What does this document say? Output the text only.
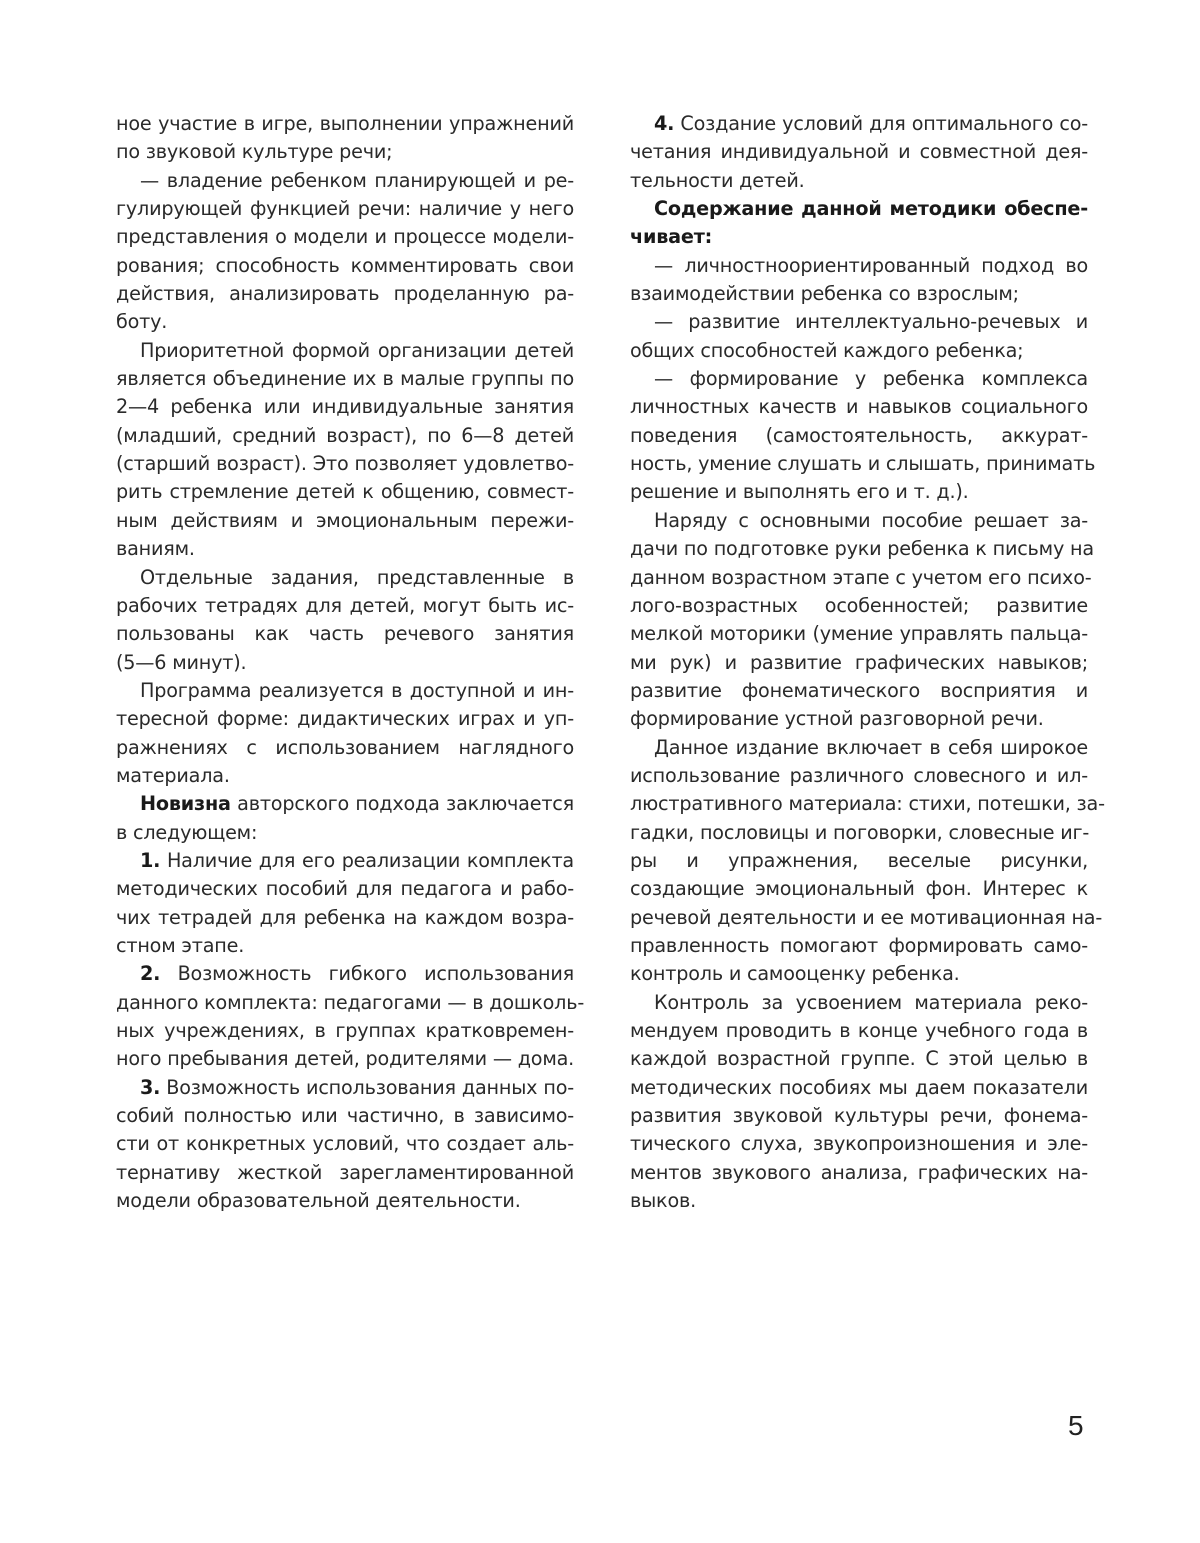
ное участие в игре, выполнении упражнений
по звуковой культуре речи;
— владение ребенком планирующей и ре-
гулирующей функцией речи: наличие у него
представления о модели и процессе модели-
рования; способность комментировать свои
действия, анализировать проделанную ра-
боту.
Приоритетной формой организации детей
является объединение их в малые группы по
2—4 ребенка или индивидуальные занятия
(младший, средний возраст), по 6—8 детей
(старший возраст). Это позволяет удовлетво-
рить стремление детей к общению, совмест-
ным действиям и эмоциональным пережи-
ваниям.
Отдельные задания, представленные в
рабочих тетрадях для детей, могут быть ис-
пользованы как часть речевого занятия
(5—6 минут).
Программа реализуется в доступной и ин-
тересной форме: дидактических играх и уп-
ражнениях с использованием наглядного
материала.
Новизна авторского подхода заключается
в следующем:
1. Наличие для его реализации комплекта
методических пособий для педагога и рабо-
чих тетрадей для ребенка на каждом возра-
стном этапе.
2. Возможность гибкого использования
данного комплекта: педагогами — в дошколь-
ных учреждениях, в группах кратковремен-
ного пребывания детей, родителями — дома.
3. Возможность использования данных по-
собий полностью или частично, в зависимо-
сти от конкретных условий, что создает аль-
тернативу жесткой зарегламентированной
модели образовательной деятельности.
4. Создание условий для оптимального со-
четания индивидуальной и совместной дея-
тельности детей.
Содержание данной методики обеспе-
чивает:
— личностноориентированный подход во
взаимодействии ребенка со взрослым;
— развитие интеллектуально-речевых и
общих способностей каждого ребенка;
— формирование у ребенка комплекса
личностных качеств и навыков социального
поведения (самостоятельность, аккурат-
ность, умение слушать и слышать, принимать
решение и выполнять его и т. д.).
Наряду с основными пособие решает за-
дачи по подготовке руки ребенка к письму на
данном возрастном этапе с учетом его психо-
лого-возрастных особенностей; развитие
мелкой моторики (умение управлять пальца-
ми рук) и развитие графических навыков;
развитие фонематического восприятия и
формирование устной разговорной речи.
Данное издание включает в себя широкое
использование различного словесного и ил-
люстративного материала: стихи, потешки, за-
гадки, пословицы и поговорки, словесные иг-
ры и упражнения, веселые рисунки,
создающие эмоциональный фон. Интерес к
речевой деятельности и ее мотивационная на-
правленность помогают формировать само-
контроль и самооценку ребенка.
Контроль за усвоением материала реко-
мендуем проводить в конце учебного года в
каждой возрастной группе. С этой целью в
методических пособиях мы даем показатели
развития звуковой культуры речи, фонема-
тического слуха, звукопроизношения и эле-
ментов звукового анализа, графических на-
выков.
5
